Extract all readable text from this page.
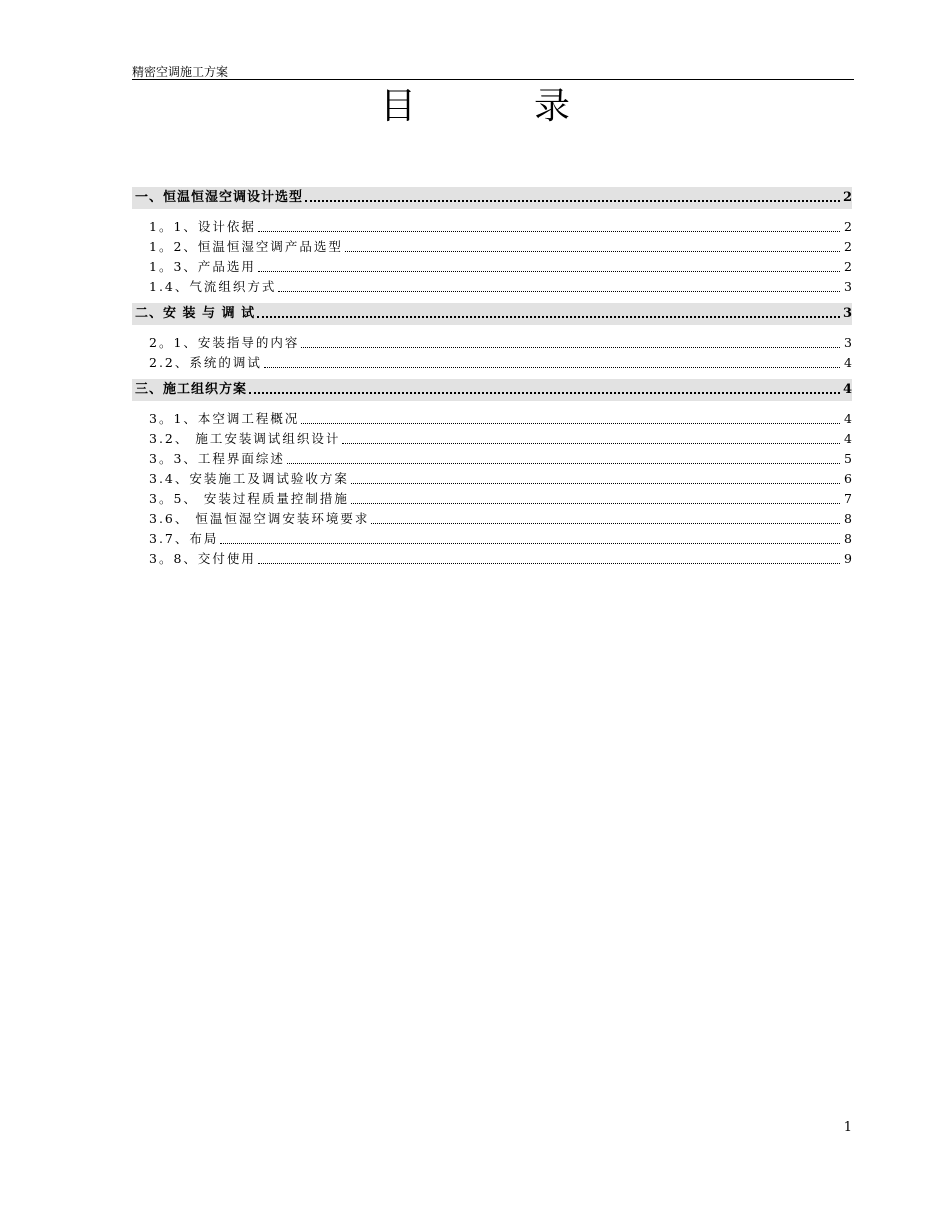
精密空调施工方案
目录
一、恒温恒湿空调设计选型	2
1。1、设计依据	2
1。2、恒温恒湿空调产品选型	2
1。3、产品选用	2
1.4、气流组织方式	3
二、安 装 与 调 试	3
2。1、安装指导的内容	3
2.2、系统的调试	4
三、施工组织方案	4
3。1、本空调工程概况	4
3.2、 施工安装调试组织设计	4
3。3、工程界面综述	5
3.4、安装施工及调试验收方案	6
3。5、 安装过程质量控制措施	7
3.6、 恒温恒湿空调安装环境要求	8
3.7、布局	8
3。8、交付使用	9
1
